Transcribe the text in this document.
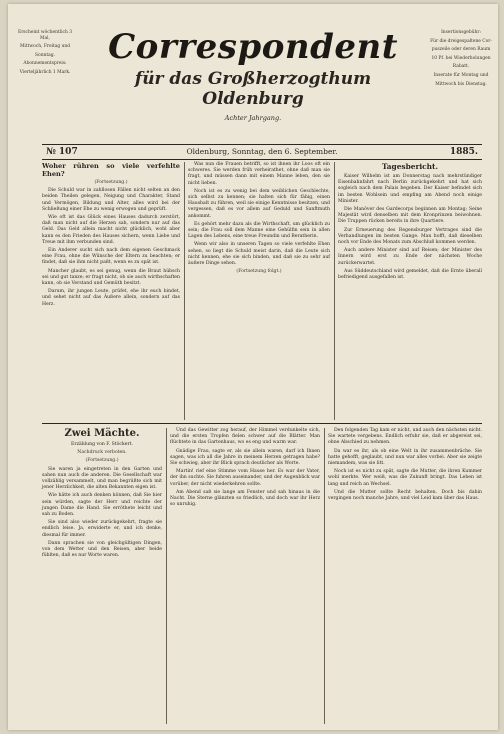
Erscheint wöchentlich 3 Mal,

Mittwoch, Freitag und

Sonntag.

Abonnementspreis:

Vierteljährlich 1 Mark.

Correspondent
für das Großherzogthum Oldenburg
Achter Jahrgang.

Insertionsgebühr:

Für die dreigespaltene Cor-

puszeile oder deren Raum

10 Pf. bei Wiederholungen

Rabatt.

Inserate für Montag und

Mittwoch bis Dienstag.

№ 107	Oldenburg, Sonntag, den 6. September.	1885.

Woher rühren so viele verfehlte Ehen?

(Fortsetzung.)

Die Schuld war in zahllosen Fällen nicht selten an den beiden Theilen gelegen, Neigung und Charakter, Stand und Vermögen, Bildung und Alter, alles wird bei der Schließung einer Ehe zu wenig erwogen und geprüft.

Wie oft ist das Glück eines Hauses dadurch zerstört, daß man nicht auf die Herzen sah, sondern nur auf das Geld. Das Geld allein macht nicht glücklich, wohl aber kann es den Frieden des Hauses sichern, wenn Liebe und Treue mit ihm verbunden sind.

Ein Anderer sucht sich nach dem eigenen Geschmack eine Frau, ohne die Wünsche der Eltern zu beachten; er findet, daß sie ihm nicht paßt, wenn es zu spät ist.

Mancher glaubt, es sei genug, wenn die Braut hübsch sei und gut tanze; er fragt nicht, ob sie auch wirthschaften kann, ob sie Verstand und Gemüth besitzt.

Darum, ihr jungen Leute, prüfet, ehe ihr euch bindet, und sehet nicht auf das Äußere allein, sondern auf das Herz.

Was nun die Frauen betrifft, so ist ihnen ihr Loos oft ein schweres. Sie werden früh verheirathet, ohne daß man sie fragt, und müssen dann mit einem Manne leben, den sie nicht lieben.

Noch ist es zu wenig bei dem weiblichen Geschlechte, sich selbst zu kennen; sie halten sich für fähig, einen Haushalt zu führen, weil sie einige Kenntnisse besitzen, und vergessen, daß es vor allem auf Geduld und Sanftmuth ankommt.

Es gehört mehr dazu als die Wirthschaft, um glücklich zu sein; die Frau soll dem Manne eine Gehülfin sein in allen Lagen des Lebens, eine treue Freundin und Beratherin.

Wenn wir also in unseren Tagen so viele verfehlte Ehen sehen, so liegt die Schuld meist darin, daß die Leute sich nicht kennen, ehe sie sich binden, und daß sie zu sehr auf äußere Dinge sehen.

(Fortsetzung folgt.)

Tagesbericht.

Kaiser Wilhelm ist am Donnerstag nach mehrstündiger Eisenbahnfahrt nach Berlin zurückgekehrt und hat sich sogleich nach dem Palais begeben. Der Kaiser befindet sich im besten Wohlsein und empfing am Abend noch einige Minister.

Die Manöver des Gardecorps beginnen am Montag; Seine Majestät wird denselben mit dem Kronprinzen beiwohnen. Die Truppen rücken bereits in ihre Quartiere.

Zur Erneuerung des Regensburger Vertrages sind die Verhandlungen im besten Gange. Man hofft, daß dieselben noch vor Ende des Monats zum Abschluß kommen werden.

Auch andere Minister sind auf Reisen; der Minister des Innern wird erst zu Ende der nächsten Woche zurückerwartet.

Aus Süddeutschland wird gemeldet, daß die Ernte überall befriedigend ausgefallen ist.

Zwei Mächte.

Erzählung von F. Stöckert.

Nachdruck verboten.

(Fortsetzung.)

Sie waren ja eingetreten in den Garten und sahen nun auch die anderen. Die Gesellschaft war vollzählig versammelt, und man begrüßte sich mit jener Herzlichkeit, die alten Bekannten eigen ist.

Wie hätte ich auch denken können, daß Sie hier sein würden, sagte der Herr und reichte der jungen Dame die Hand. Sie erröthete leicht und sah zu Boden.

Sie sind also wieder zurückgekehrt, fragte sie endlich leise. Ja, erwiderte er, und ich denke, diesmal für immer.

Dann sprachen sie von gleichgültigen Dingen, von dem Wetter und den Reisen, aber beide fühlten, daß es nur Worte waren.

Und das Gewitter zog herauf, der Himmel verdunkelte sich, und die ersten Tropfen fielen schwer auf die Blätter. Man flüchtete in das Gartenhaus, wo es eng und warm war.

Gnädige Frau, sagte er, als sie allein waren, darf ich Ihnen sagen, was ich all die Jahre in meinem Herzen getragen habe? Sie schwieg, aber ihr Blick sprach deutlicher als Worte.

Martin! rief eine Stimme vom Hause her. Es war der Vater, der ihn suchte. Sie fuhren auseinander, und der Augenblick war vorüber, der nicht wiederkehren sollte.

Am Abend saß sie lange am Fenster und sah hinaus in die Nacht. Die Sterne glänzten so friedlich, und doch war ihr Herz so unruhig.

Den folgenden Tag kam er nicht, und auch den nächsten nicht. Sie wartete vergebens. Endlich erfuhr sie, daß er abgereist sei, ohne Abschied zu nehmen.

Da war es ihr, als ob eine Welt in ihr zusammenbräche. Sie hatte gehofft, geglaubt, und nun war alles vorbei. Aber sie zeigte niemandem, was sie litt.

Noch ist es nicht zu spät, sagte die Mutter, die ihren Kummer wohl merkte. Wer weiß, was die Zukunft bringt. Das Leben ist lang und reich an Wechsel.

Und die Mutter sollte Recht behalten. Doch bis dahin vergingen noch manche Jahre, und viel Leid kam über das Haus.
